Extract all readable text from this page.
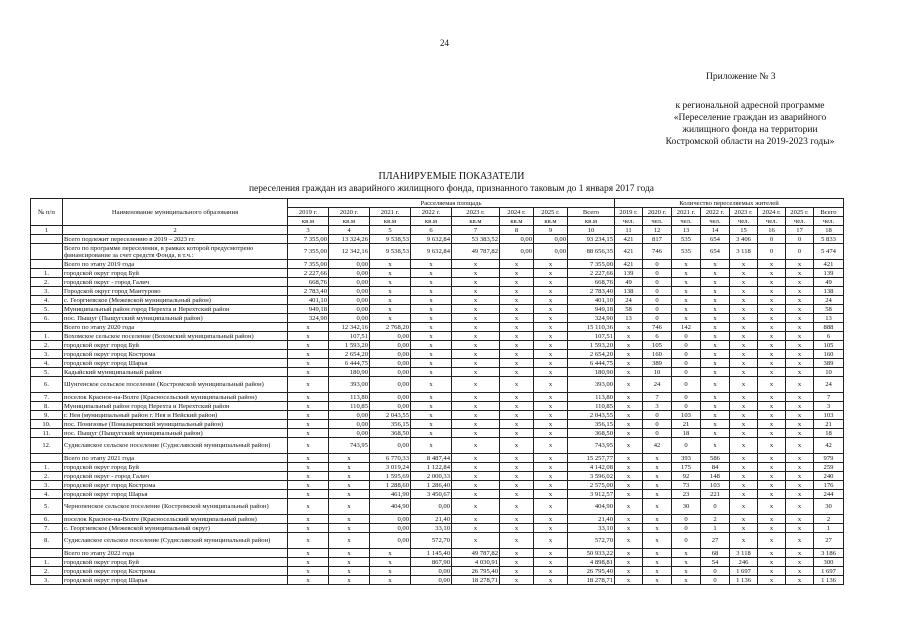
24
Приложение № 3
к региональной адресной программе
«Переселение граждан из аварийного
жилищного фонда на территории
Костромской области на 2019-2023 годы»
ПЛАНИРУЕМЫЕ ПОКАЗАТЕЛИ
переселения граждан из аварийного жилищного фонда, признанного таковым до 1 января 2017 года
№ п/п	Наименование муниципального образования	Расселяемая площадь								Количество переселяемых жителей							
		2019 г.	2020 г.	2021 г.	2022 г.	2023 г.	2024 г.	2025 г.	Всего	2019 г.	2020 г.	2021 г.	2022 г.	2023 г.	2024 г.	2025 г.	Всего
		кв.м	кв.м	кв.м	кв.м	кв.м	кв.м	кв.м	кв.м	чел.	чел.	чел.	чел.	чел.	чел.	чел.	чел.
1	2	3	4	5	6	7	8	9	10	11	12	13	14	15	16	17	18
	Всего подлежит переселению в 2019 – 2023 гг.	7 355,00	13 324,26	9 538,53	9 632,84	53 383,52	0,00	0,00	93 234,15	421	817	535	654	3 406	0	0	5 833
	Всего по программе переселения, в рамках которой предусмотрено финансирование за счет средств Фонда, в т.ч.:	7 355,00	12 342,16	9 538,53	9 632,84	49 787,82	0,00	0,00	88 656,35	421	746	535	654	3 118	0	0	5 474
	Всего по этапу 2019 года	7 355,00	0,00	x	x	x	x	x	7 355,00	421	0	x	x	x	x	x	421
1.	городской округ город Буй	2 227,66	0,00	x	x	x	x	x	2 227,66	139	0	x	x	x	x	x	139
2.	городской округ - город Галич	668,76	0,00	x	x	x	x	x	668,76	49	0	x	x	x	x	x	49
3.	Городской округ город Мантурово	2 783,40	0,00	x	x	x	x	x	2 783,40	138	0	x	x	x	x	x	138
4.	с. Георгиевское (Межевской муниципальный район)	401,10	0,00	x	x	x	x	x	401,10	24	0	x	x	x	x	x	24
5.	Муниципальный район город Нерехта и Нерехтский район	949,18	0,00	x	x	x	x	x	949,18	58	0	x	x	x	x	x	58
6.	пос. Пыщуг (Пыщугский муниципальный район)	324,90	0,00	x	x	x	x	x	324,90	13	0	x	x	x	x	x	13
	Всего по этапу 2020 года	x	12 342,16	2 768,20	x	x	x	x	15 110,36	x	746	142	x	x	x	x	888
1.	Вохомское сельское поселение (Вохомский муниципальный район)	x	107,51	0,00	x	x	x	x	107,51	x	6	0	x	x	x	x	6
2.	городской округ город Буй	x	1 593,20	0,00	x	x	x	x	1 593,20	x	105	0	x	x	x	x	105
3.	городской округ город Кострома	x	2 654,20	0,00	x	x	x	x	2 654,20	x	160	0	x	x	x	x	160
4.	городской округ город Шарья	x	6 444,75	0,00	x	x	x	x	6 444,75	x	389	0	x	x	x	x	389
5.	Кадыйский муниципальный район	x	180,90	0,00	x	x	x	x	180,90	x	10	0	x	x	x	x	10
6.	Шунгенское сельское поселение (Костромской муниципальный район)	x	393,00	0,00	x	x	x	x	393,00	x	24	0	x	x	x	x	24
7.	поселок Красное-на-Волге (Красносельский муниципальный район)	x	113,80	0,00	x	x	x	x	113,80	x	7	0	x	x	x	x	7
8.	Муниципальный район город Нерехта и Нерехтский район	x	110,85	0,00	x	x	x	x	110,85	x	3	0	x	x	x	x	3
9.	г. Нея (муниципальный район г. Нея и Нейский район)	x	0,00	2 043,55	x	x	x	x	2 043,55	x	0	103	x	x	x	x	103
10.	пос. Понизовье (Поназыревский муниципальный район)	x	0,00	356,15	x	x	x	x	356,15	x	0	21	x	x	x	x	21
11.	пос. Пыщуг (Пыщугский муниципальный район)	x	0,00	368,50	x	x	x	x	368,50	x	0	18	x	x	x	x	18
12.	Судиславское сельское поселение (Судиславский муниципальный район)	x	743,95	0,00	x	x	x	x	743,95	x	42	0	x	x	x	x	42
	Всего по этапу 2021 года	x	x	6 770,33	8 487,44	x	x	x	15 257,77	x	x	393	586	x	x	x	979
1.	городской округ город Буй	x	x	3 019,24	1 122,84	x	x	x	4 142,08	x	x	175	84	x	x	x	259
2.	городской округ - город Галич	x	x	1 595,69	2 000,33	x	x	x	3 596,02	x	x	92	148	x	x	x	240
3.	городской округ город Кострома	x	x	1 288,60	1 286,40	x	x	x	2 575,00	x	x	73	103	x	x	x	176
4.	городской округ город Шарья	x	x	461,90	3 450,67	x	x	x	3 912,57	x	x	23	221	x	x	x	244
5.	Чернопенское сельское поселение (Костромской муниципальный район)	x	x	404,90	0,00	x	x	x	404,90	x	x	30	0	x	x	x	30
6.	поселок Красное-на-Волге (Красносельский муниципальный район)	x	x	0,00	21,40	x	x	x	21,40	x	x	0	2	x	x	x	2
7.	с. Георгиевское (Межевской муниципальный округ)	x	x	0,00	33,10	x	x	x	33,10	x	x	0	1	x	x	x	1
8.	Судиславское сельское поселение (Судиславский муниципальный район)	x	x	0,00	572,70	x	x	x	572,70	x	x	0	27	x	x	x	27
	Всего по этапу 2022 года	x	x	x	1 145,40	49 787,82	x	x	50 933,22	x	x	x	68	3 118	x	x	3 186
1.	городской округ город Буй	x	x	x	867,90	4 030,91	x	x	4 898,81	x	x	x	54	246	x	x	300
2.	городской округ город Кострома	x	x	x	0,00	26 795,40	x	x	26 795,40	x	x	x	0	1 697	x	x	1 697
3.	городской округ город Шарья	x	x	x	0,00	18 278,71	x	x	18 278,71	x	x	x	0	1 136	x	x	1 136
